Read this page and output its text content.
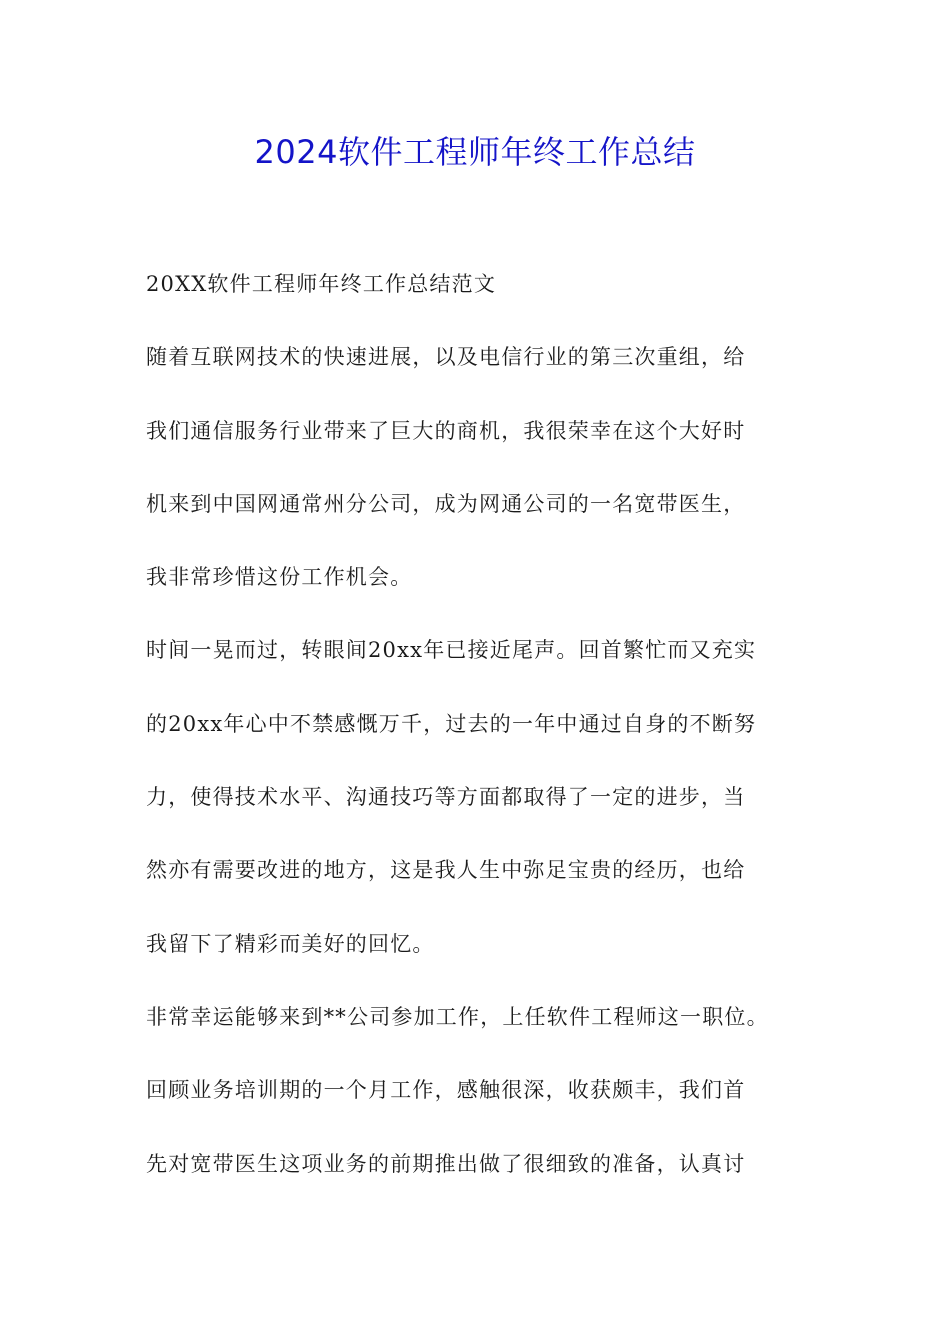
2024软件工程师年终工作总结
20XX软件工程师年终工作总结范文
随着互联网技术的快速进展，以及电信行业的第三次重组，给
我们通信服务行业带来了巨大的商机，我很荣幸在这个大好时
机来到中国网通常州分公司，成为网通公司的一名宽带医生，
我非常珍惜这份工作机会。
时间一晃而过，转眼间20xx年已接近尾声。回首繁忙而又充实
的20xx年心中不禁感慨万千，过去的一年中通过自身的不断努
力，使得技术水平、沟通技巧等方面都取得了一定的进步，当
然亦有需要改进的地方，这是我人生中弥足宝贵的经历，也给
我留下了精彩而美好的回忆。
非常幸运能够来到**公司参加工作，上任软件工程师这一职位。
回顾业务培训期的一个月工作，感触很深，收获颇丰，我们首
先对宽带医生这项业务的前期推出做了很细致的准备，认真讨
